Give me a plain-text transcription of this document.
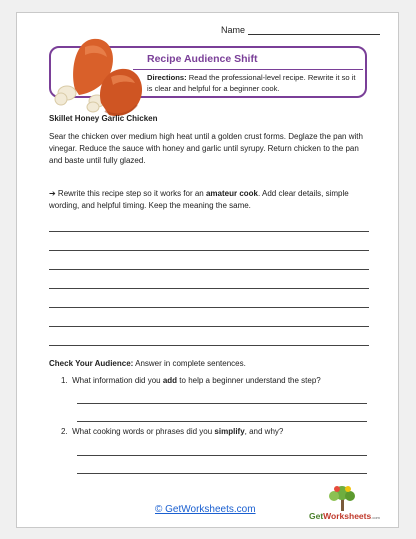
Name
Recipe Audience Shift
Directions: Read the professional-level recipe. Rewrite it so it is clear and helpful for a beginner cook.
Skillet Honey Garlic Chicken
Sear the chicken over medium high heat until a golden crust forms. Deglaze the pan with vinegar. Reduce the sauce with honey and garlic until syrupy. Return chicken to the pan and baste until fully glazed.
➔ Rewrite this recipe step so it works for an amateur cook. Add clear details, simple wording, and helpful timing. Keep the meaning the same.
Check Your Audience: Answer in complete sentences.
1. What information did you add to help a beginner understand the step?
2. What cooking words or phrases did you simplify, and why?
© GetWorksheets.com
GetWorksheets.com
